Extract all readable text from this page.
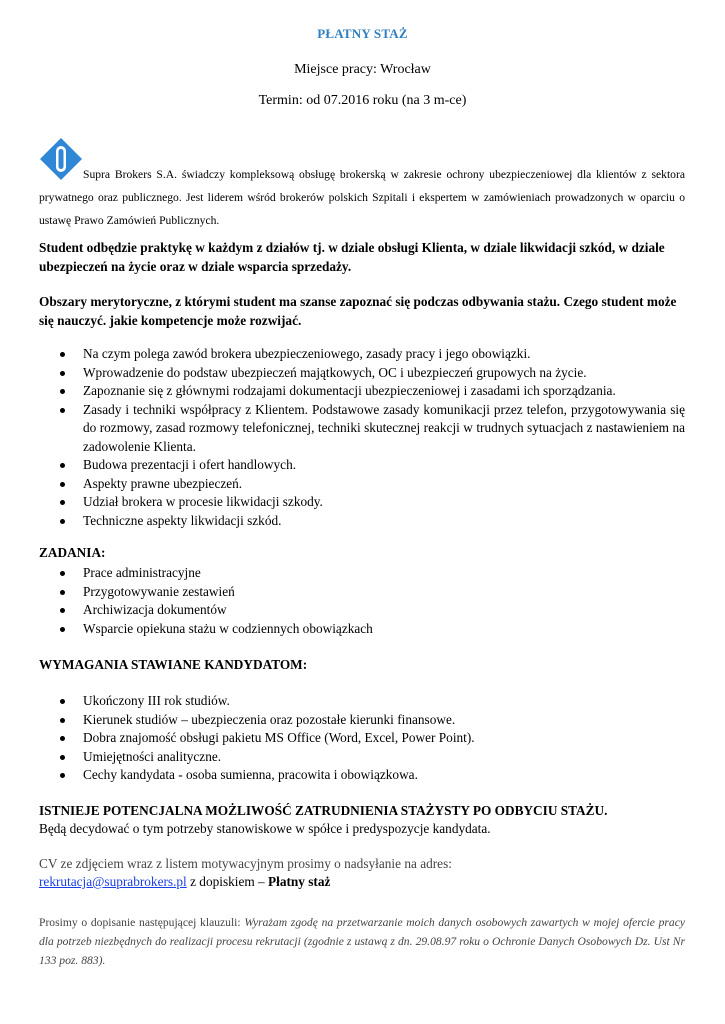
PŁATNY STAŻ
Miejsce pracy: Wrocław
Termin: od 07.2016 roku (na 3 m-ce)
Supra Brokers S.A. świadczy kompleksową obsługę brokerską w zakresie ochrony ubezpieczeniowej dla klientów z sektora prywatnego oraz publicznego. Jest liderem wśród brokerów polskich Szpitali i ekspertem w zamówieniach prowadzonych w oparciu o ustawę Prawo Zamówień Publicznych.
Student odbędzie praktykę w każdym z działów tj. w dziale obsługi Klienta, w dziale likwidacji szkód, w dziale ubezpieczeń na życie oraz w dziale wsparcia sprzedaży.
Obszary merytoryczne, z którymi student ma szanse zapoznać się podczas odbywania stażu. Czego student może się nauczyć. jakie kompetencje może rozwijać.
Na czym polega zawód brokera ubezpieczeniowego, zasady pracy i jego obowiązki.
Wprowadzenie do podstaw ubezpieczeń majątkowych, OC i ubezpieczeń grupowych na życie.
Zapoznanie się z głównymi rodzajami dokumentacji ubezpieczeniowej i zasadami ich sporządzania.
Zasady i techniki współpracy z Klientem. Podstawowe zasady komunikacji przez telefon, przygotowywania się do rozmowy, zasad rozmowy telefonicznej, techniki skutecznej reakcji w trudnych sytuacjach z nastawieniem na zadowolenie Klienta.
Budowa prezentacji i ofert handlowych.
Aspekty prawne ubezpieczeń.
Udział brokera w procesie likwidacji szkody.
Techniczne aspekty likwidacji szkód.
ZADANIA:
Prace administracyjne
Przygotowywanie zestawień
Archiwizacja dokumentów
Wsparcie opiekuna stażu w codziennych obowiązkach
WYMAGANIA STAWIANE KANDYDATOM:
Ukończony III rok studiów.
Kierunek studiów – ubezpieczenia oraz pozostałe kierunki finansowe.
Dobra znajomość obsługi pakietu MS Office (Word, Excel, Power Point).
Umiejętności analityczne.
Cechy kandydata - osoba sumienna, pracowita i obowiązkowa.
ISTNIEJE POTENCJALNA MOŻLIWOŚĆ ZATRUDNIENIA STAŻYSTY PO ODBYCIU STAŻU.
Będą decydować o tym potrzeby stanowiskowe w spółce i predyspozycje kandydata.
CV ze zdjęciem wraz z listem motywacyjnym prosimy o nadsyłanie na adres:
rekrutacja@suprabrokers.pl z dopiskiem – Płatny staż
Prosimy o dopisanie następującej klauzuli: Wyrażam zgodę na przetwarzanie moich danych osobowych zawartych w mojej ofercie pracy dla potrzeb niezbędnych do realizacji procesu rekrutacji (zgodnie z ustawą z dn. 29.08.97 roku o Ochronie Danych Osobowych Dz. Ust Nr 133 poz. 883).
